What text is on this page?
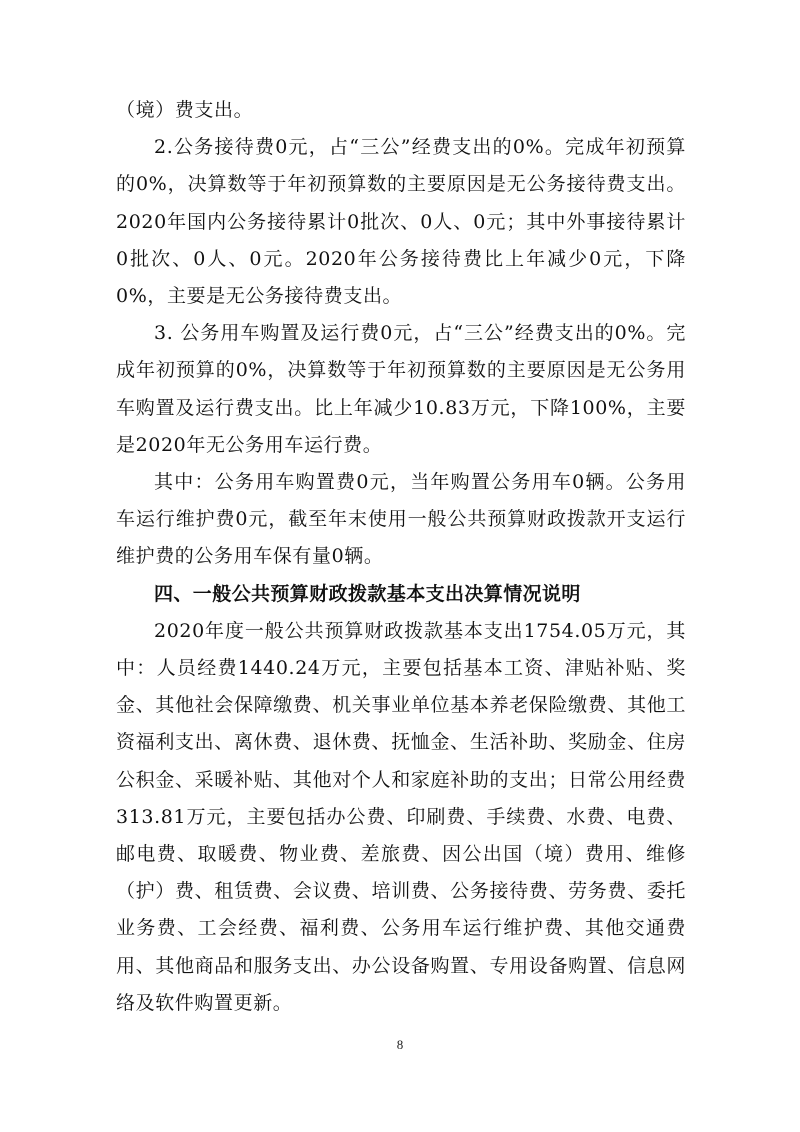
（境）费支出。

2.公务接待费0元，占“三公”经费支出的0%。完成年初预算的0%，决算数等于年初预算数的主要原因是无公务接待费支出。2020年国内公务接待累计0批次、0人、0元；其中外事接待累计0批次、0人、0元。2020年公务接待费比上年减少0元，下降0%，主要是无公务接待费支出。

3. 公务用车购置及运行费0元，占“三公”经费支出的0%。完成年初预算的0%，决算数等于年初预算数的主要原因是无公务用车购置及运行费支出。比上年减少10.83万元，下降100%，主要是2020年无公务用车运行费。

其中：公务用车购置费0元，当年购置公务用车0辆。公务用车运行维护费0元，截至年末使用一般公共预算财政拨款开支运行维护费的公务用车保有量0辆。

四、一般公共预算财政拨款基本支出决算情况说明

2020年度一般公共预算财政拨款基本支出1754.05万元，其中：人员经费1440.24万元，主要包括基本工资、津贴补贴、奖金、其他社会保障缴费、机关事业单位基本养老保险缴费、其他工资福利支出、离休费、退休费、抚恤金、生活补助、奖励金、住房公积金、采暖补贴、其他对个人和家庭补助的支出；日常公用经费313.81万元，主要包括办公费、印刷费、手续费、水费、电费、邮电费、取暖费、物业费、差旅费、因公出国（境）费用、维修（护）费、租赁费、会议费、培训费、公务接待费、劳务费、委托业务费、工会经费、福利费、公务用车运行维护费、其他交通费用、其他商品和服务支出、办公设备购置、专用设备购置、信息网络及软件购置更新。

8
